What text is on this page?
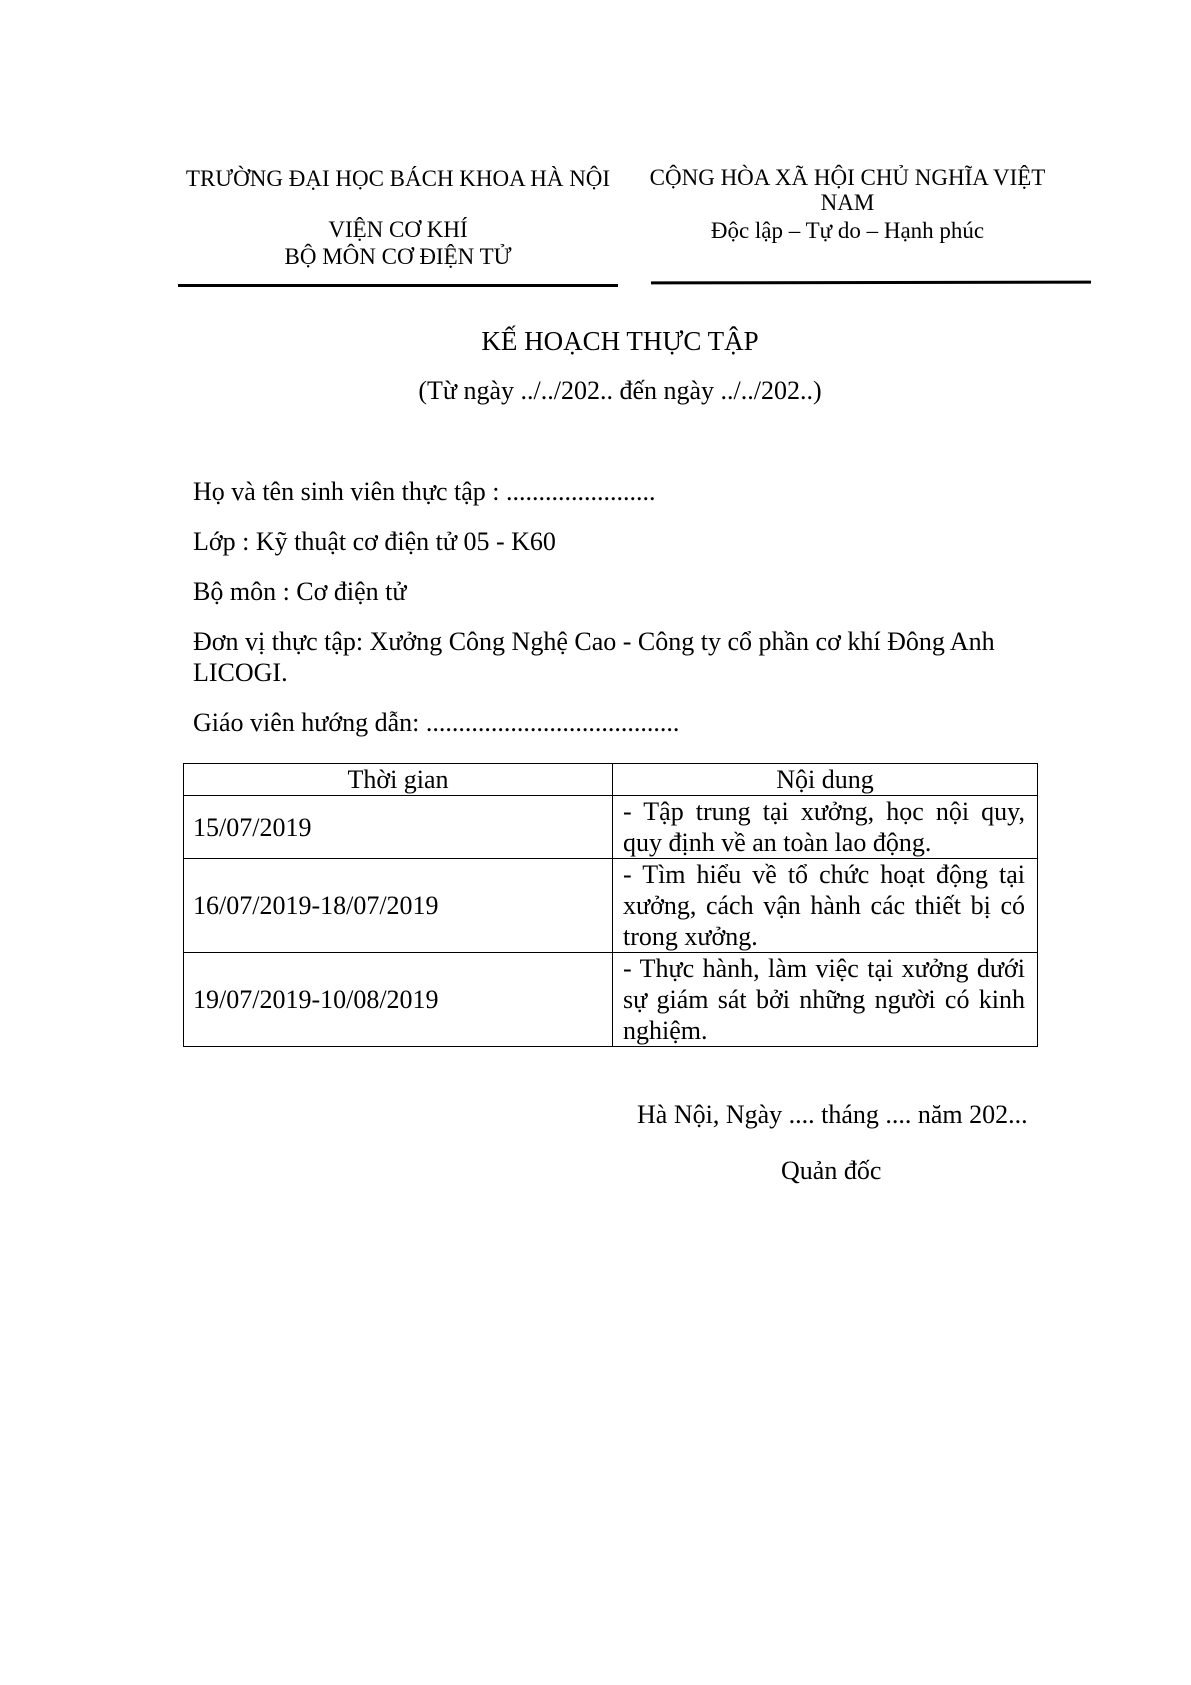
TRƯỜNG ĐẠI HỌC BÁCH KHOA HÀ NỘI
VIỆN CƠ KHÍ
BỘ MÔN CƠ ĐIỆN TỬ
CỘNG HÒA XÃ HỘI CHỦ NGHĨA VIỆT NAM
Độc lập – Tự do – Hạnh phúc
KẾ HOẠCH THỰC TẬP
(Từ ngày ../../202.. đến ngày ../../202..)

Họ và tên sinh viên thực tập : .......................

Lớp : Kỹ thuật cơ điện tử 05 - K60

Bộ môn : Cơ điện tử

Đơn vị thực tập: Xưởng Công Nghệ Cao - Công ty cổ phần cơ khí Đông Anh LICOGI.

Giáo viên hướng dẫn: .......................................

Thời gian	Nội dung
15/07/2019	- Tập trung tại xưởng, học nội quy, quy định về an toàn lao động.
16/07/2019-18/07/2019	- Tìm hiểu về tổ chức hoạt động tại xưởng, cách vận hành các thiết bị có trong xưởng.
19/07/2019-10/08/2019	- Thực hành, làm việc tại xưởng dưới sự giám sát bởi những người có kinh nghiệm.
Hà Nội, Ngày .... tháng .... năm 202...
Quản đốc
